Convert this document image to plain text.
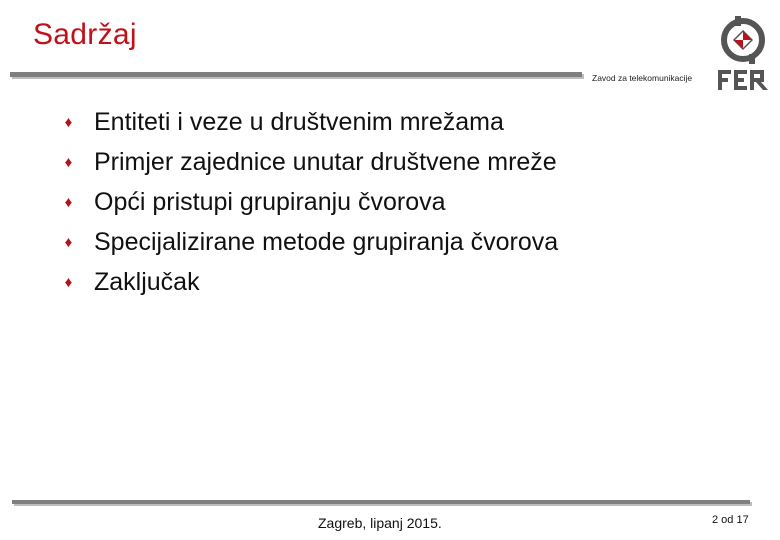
Sadržaj
Zavod za telekomunikacije
♦ Entiteti i veze u društvenim mrežama
♦ Primjer zajednice unutar društvene mreže
♦ Opći pristupi grupiranju čvorova
♦ Specijalizirane metode grupiranja čvorova
♦ Zaključak
Zagreb, lipanj 2015.	2 od 17
